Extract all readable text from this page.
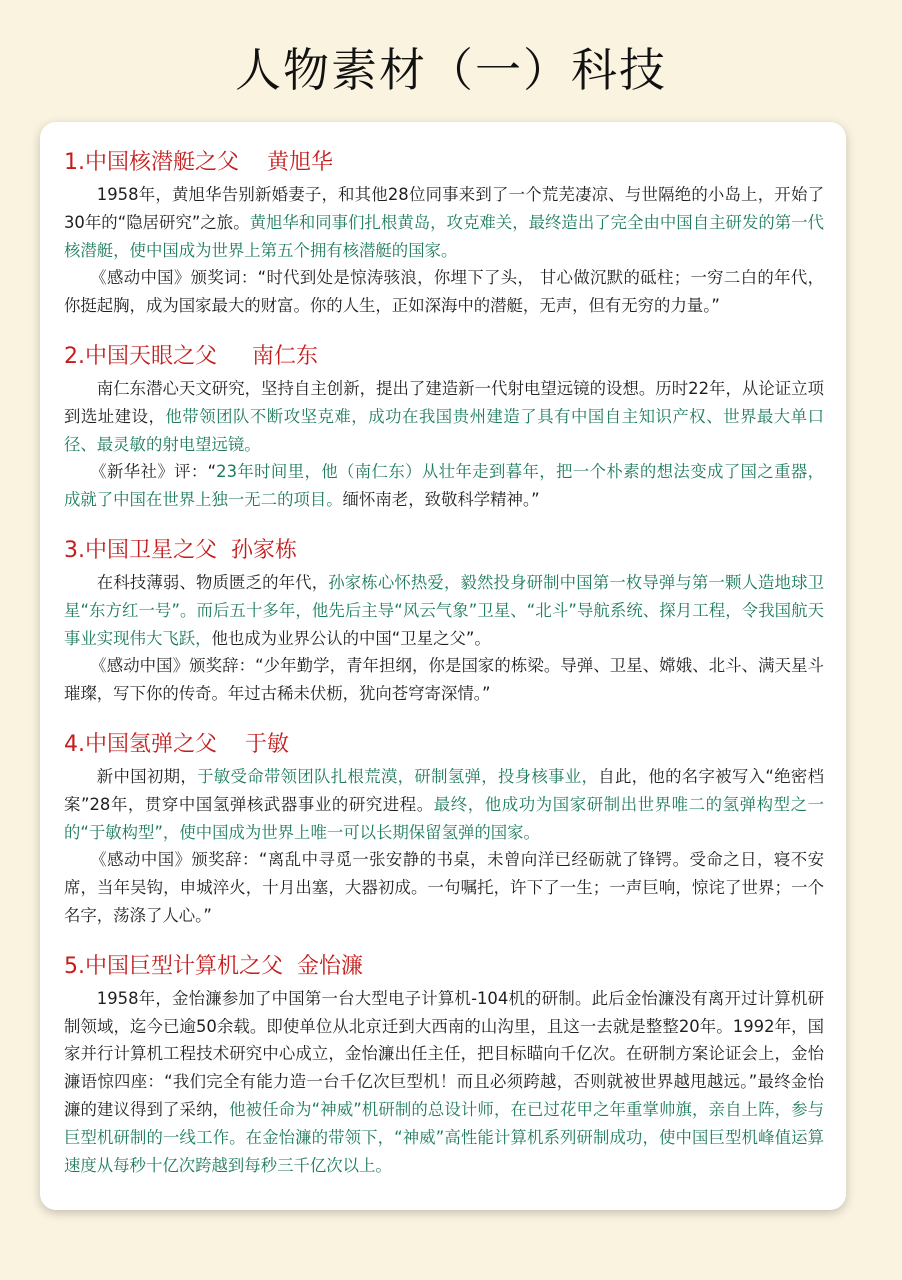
人物素材（一）科技
1.中国核潜艇之父    黄旭华

1958年，黄旭华告别新婚妻子，和其他28位同事来到了一个荒芜凄凉、与世隔绝的小岛上，开始了30年的“隐居研究”之旅。黄旭华和同事们扎根黄岛，攻克难关，最终造出了完全由中国自主研发的第一代核潜艇，使中国成为世界上第五个拥有核潜艇的国家。

《感动中国》颁奖词：“时代到处是惊涛骇浪，你埋下了头， 甘心做沉默的砥柱；一穷二白的年代，你挺起胸，成为国家最大的财富。你的人生，正如深海中的潜艇，无声，但有无穷的力量。”

2.中国天眼之父     南仁东

南仁东潜心天文研究，坚持自主创新，提出了建造新一代射电望远镜的设想。历时22年，从论证立项到选址建设，他带领团队不断攻坚克难，成功在我国贵州建造了具有中国自主知识产权、世界最大单口径、最灵敏的射电望远镜。

《新华社》评：“23年时间里，他（南仁东）从壮年走到暮年，把一个朴素的想法变成了国之重器，成就了中国在世界上独一无二的项目。缅怀南老，致敬科学精神。”

3.中国卫星之父  孙家栋

在科技薄弱、物质匮乏的年代，孙家栋心怀热爱，毅然投身研制中国第一枚导弹与第一颗人造地球卫星“东方红一号”。而后五十多年，他先后主导“风云气象”卫星、“北斗”导航系统、探月工程，令我国航天事业实现伟大飞跃，他也成为业界公认的中国“卫星之父”。

《感动中国》颁奖辞：“少年勤学，青年担纲，你是国家的栋梁。导弹、卫星、嫦娥、北斗、满天星斗璀璨，写下你的传奇。年过古稀未伏枥，犹向苍穹寄深情。”

4.中国氢弹之父    于敏

新中国初期，于敏受命带领团队扎根荒漠，研制氢弹，投身核事业，自此，他的名字被写入“绝密档案”28年，贯穿中国氢弹核武器事业的研究进程。最终，他成功为国家研制出世界唯二的氢弹构型之一的“于敏构型”，使中国成为世界上唯一可以长期保留氢弹的国家。

《感动中国》颁奖辞：“离乱中寻觅一张安静的书桌，未曾向洋已经砺就了锋锷。受命之日，寝不安席，当年吴钩，申城淬火，十月出塞，大器初成。一句嘱托，许下了一生；一声巨响，惊诧了世界；一个名字，荡涤了人心。”

5.中国巨型计算机之父  金怡濂

1958年，金怡濂参加了中国第一台大型电子计算机-104机的研制。此后金怡濂没有离开过计算机研制领域，迄今已逾50余载。即使单位从北京迁到大西南的山沟里，且这一去就是整整20年。1992年，国家并行计算机工程技术研究中心成立，金怡濂出任主任，把目标瞄向千亿次。在研制方案论证会上，金怡濂语惊四座：“我们完全有能力造一台千亿次巨型机！而且必须跨越，否则就被世界越甩越远。”最终金怡濂的建议得到了采纳，他被任命为“神威”机研制的总设计师，在已过花甲之年重掌帅旗，亲自上阵，参与巨型机研制的一线工作。在金怡濂的带领下，“神威”高性能计算机系列研制成功，使中国巨型机峰值运算速度从每秒十亿次跨越到每秒三千亿次以上。
